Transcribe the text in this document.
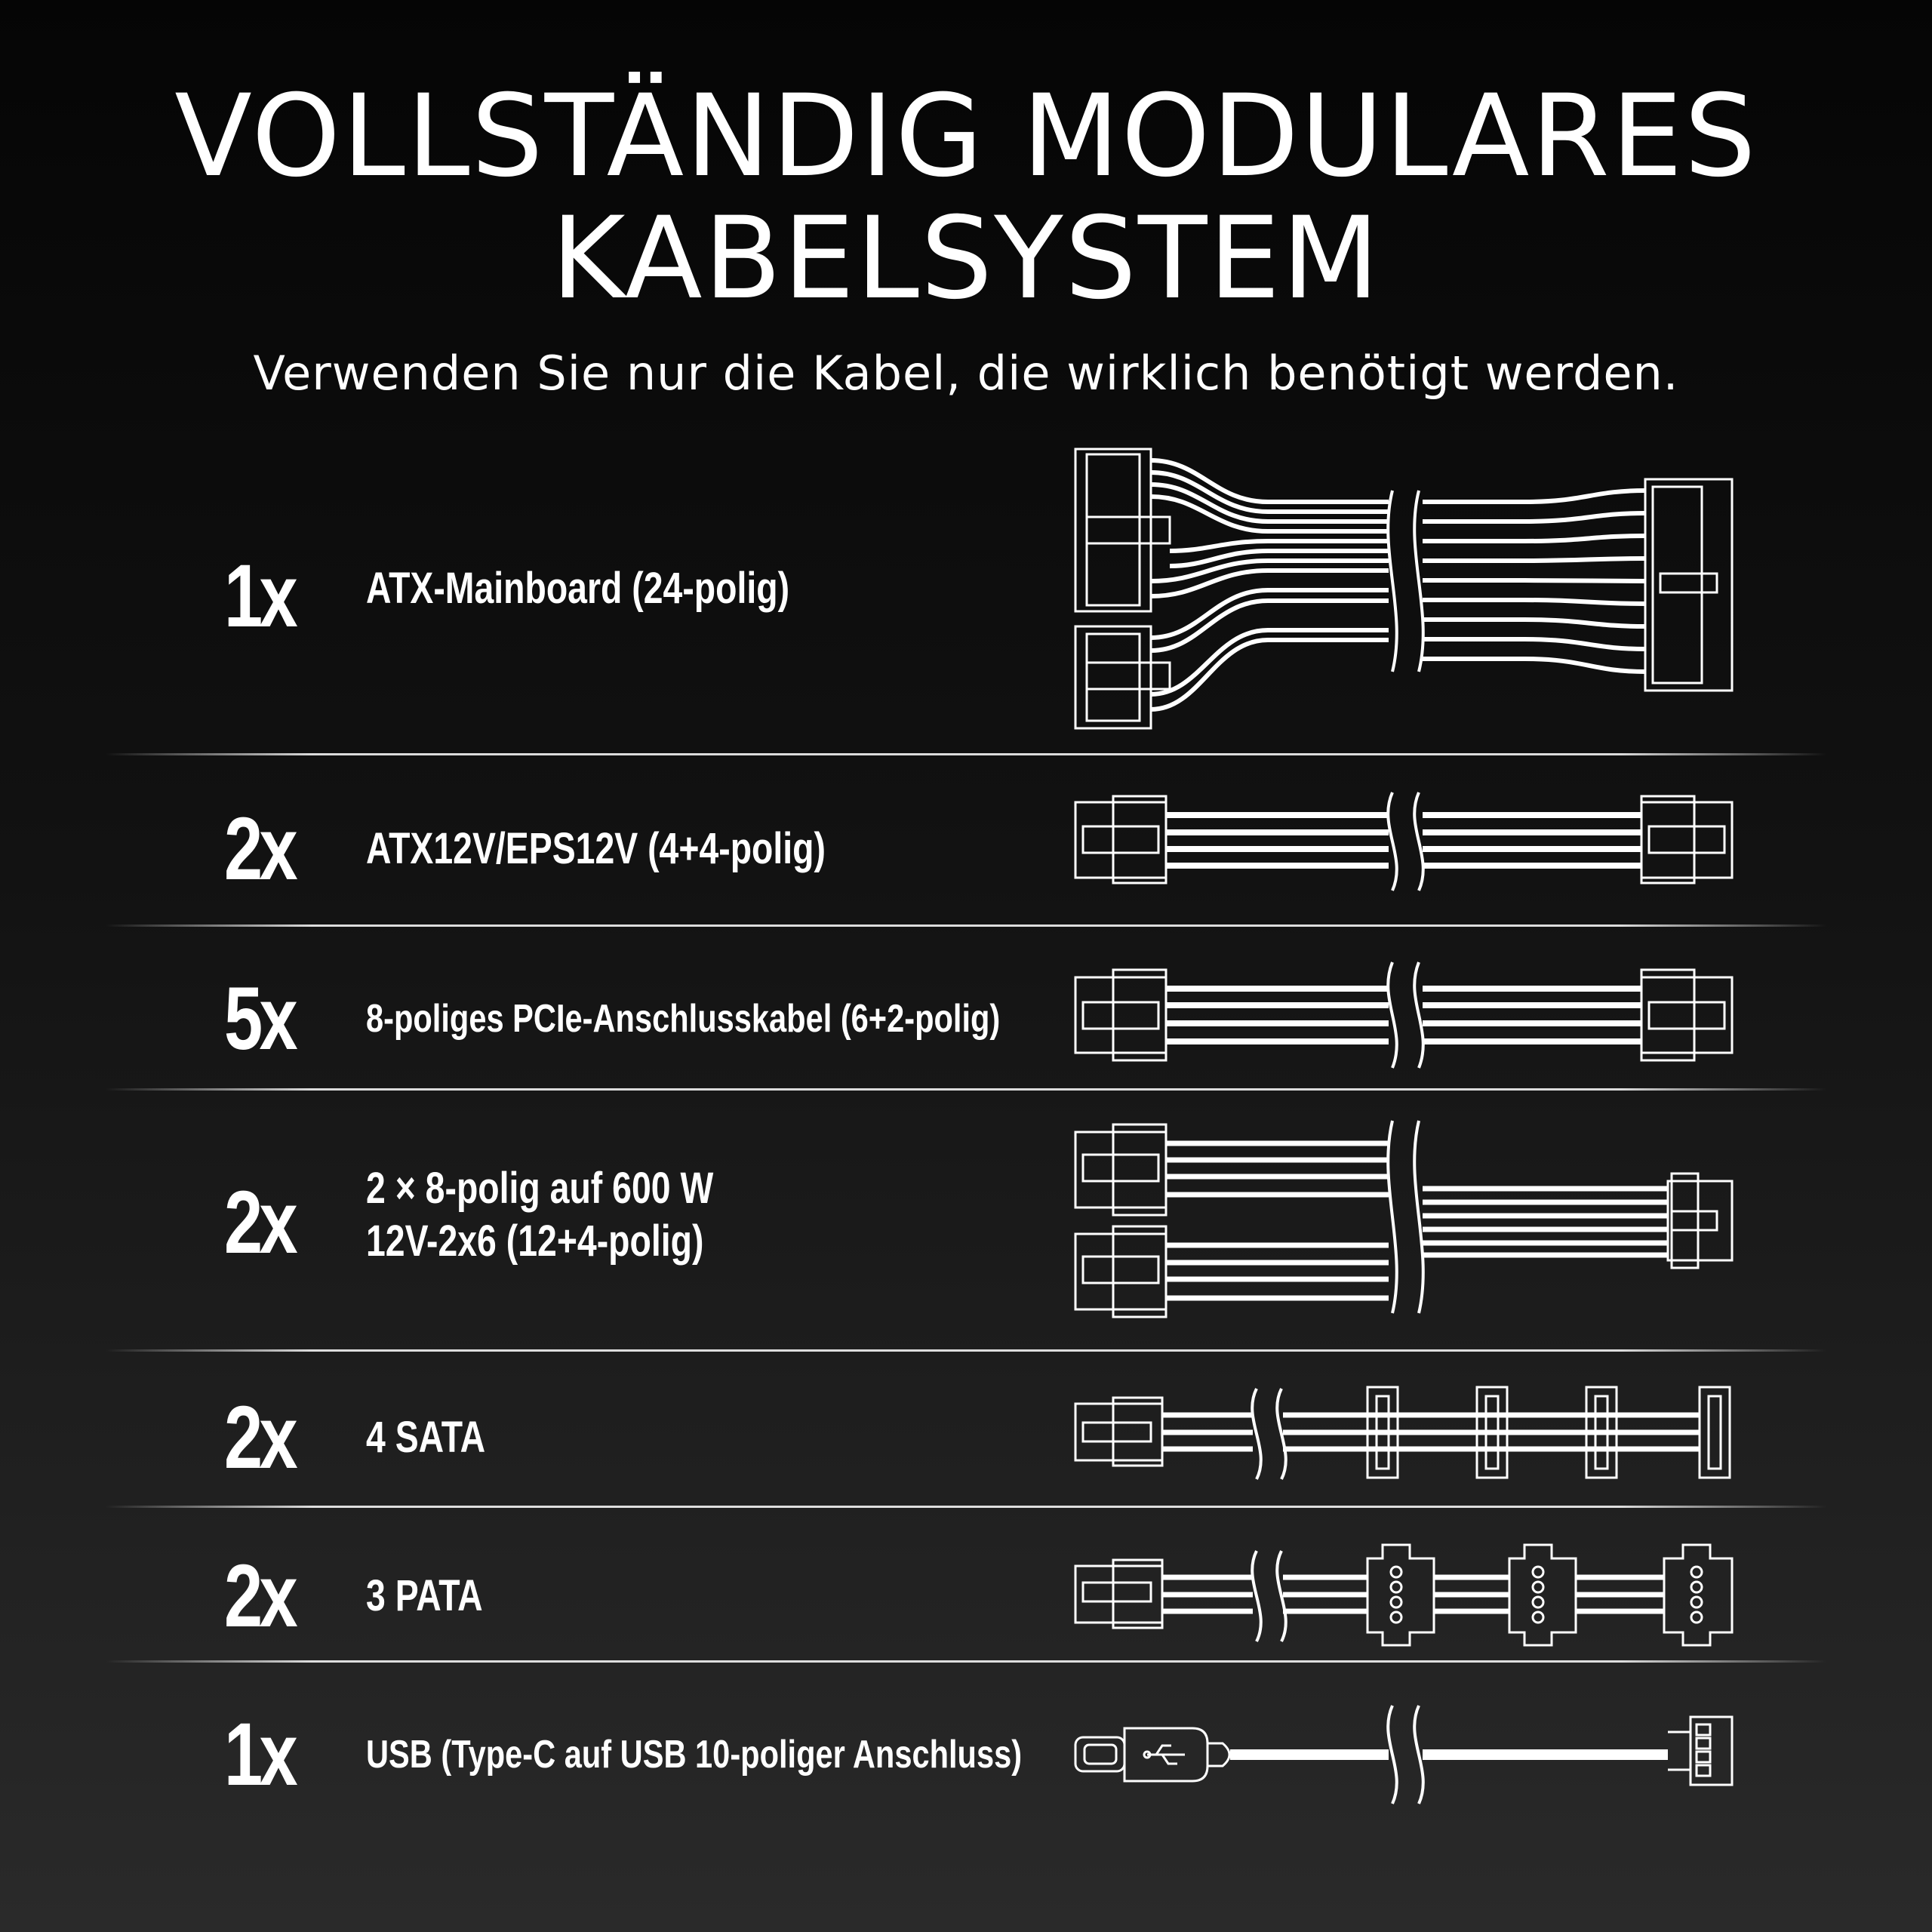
VOLLSTÄNDIG MODULARES
KABELSYSTEM
Verwenden Sie nur die Kabel, die wirklich benötigt werden.
1x ATX-Mainboard (24-polig)
2x ATX12V/EPS12V (4+4-polig)
5x 8-poliges PCIe-Anschlusskabel (6+2-polig)
2x 2 × 8-polig auf 600 W
12V-2x6 (12+4-polig)
2x 4 SATA
2x 3 PATA
1x USB (Type-C auf USB 10-poliger Anschluss)
